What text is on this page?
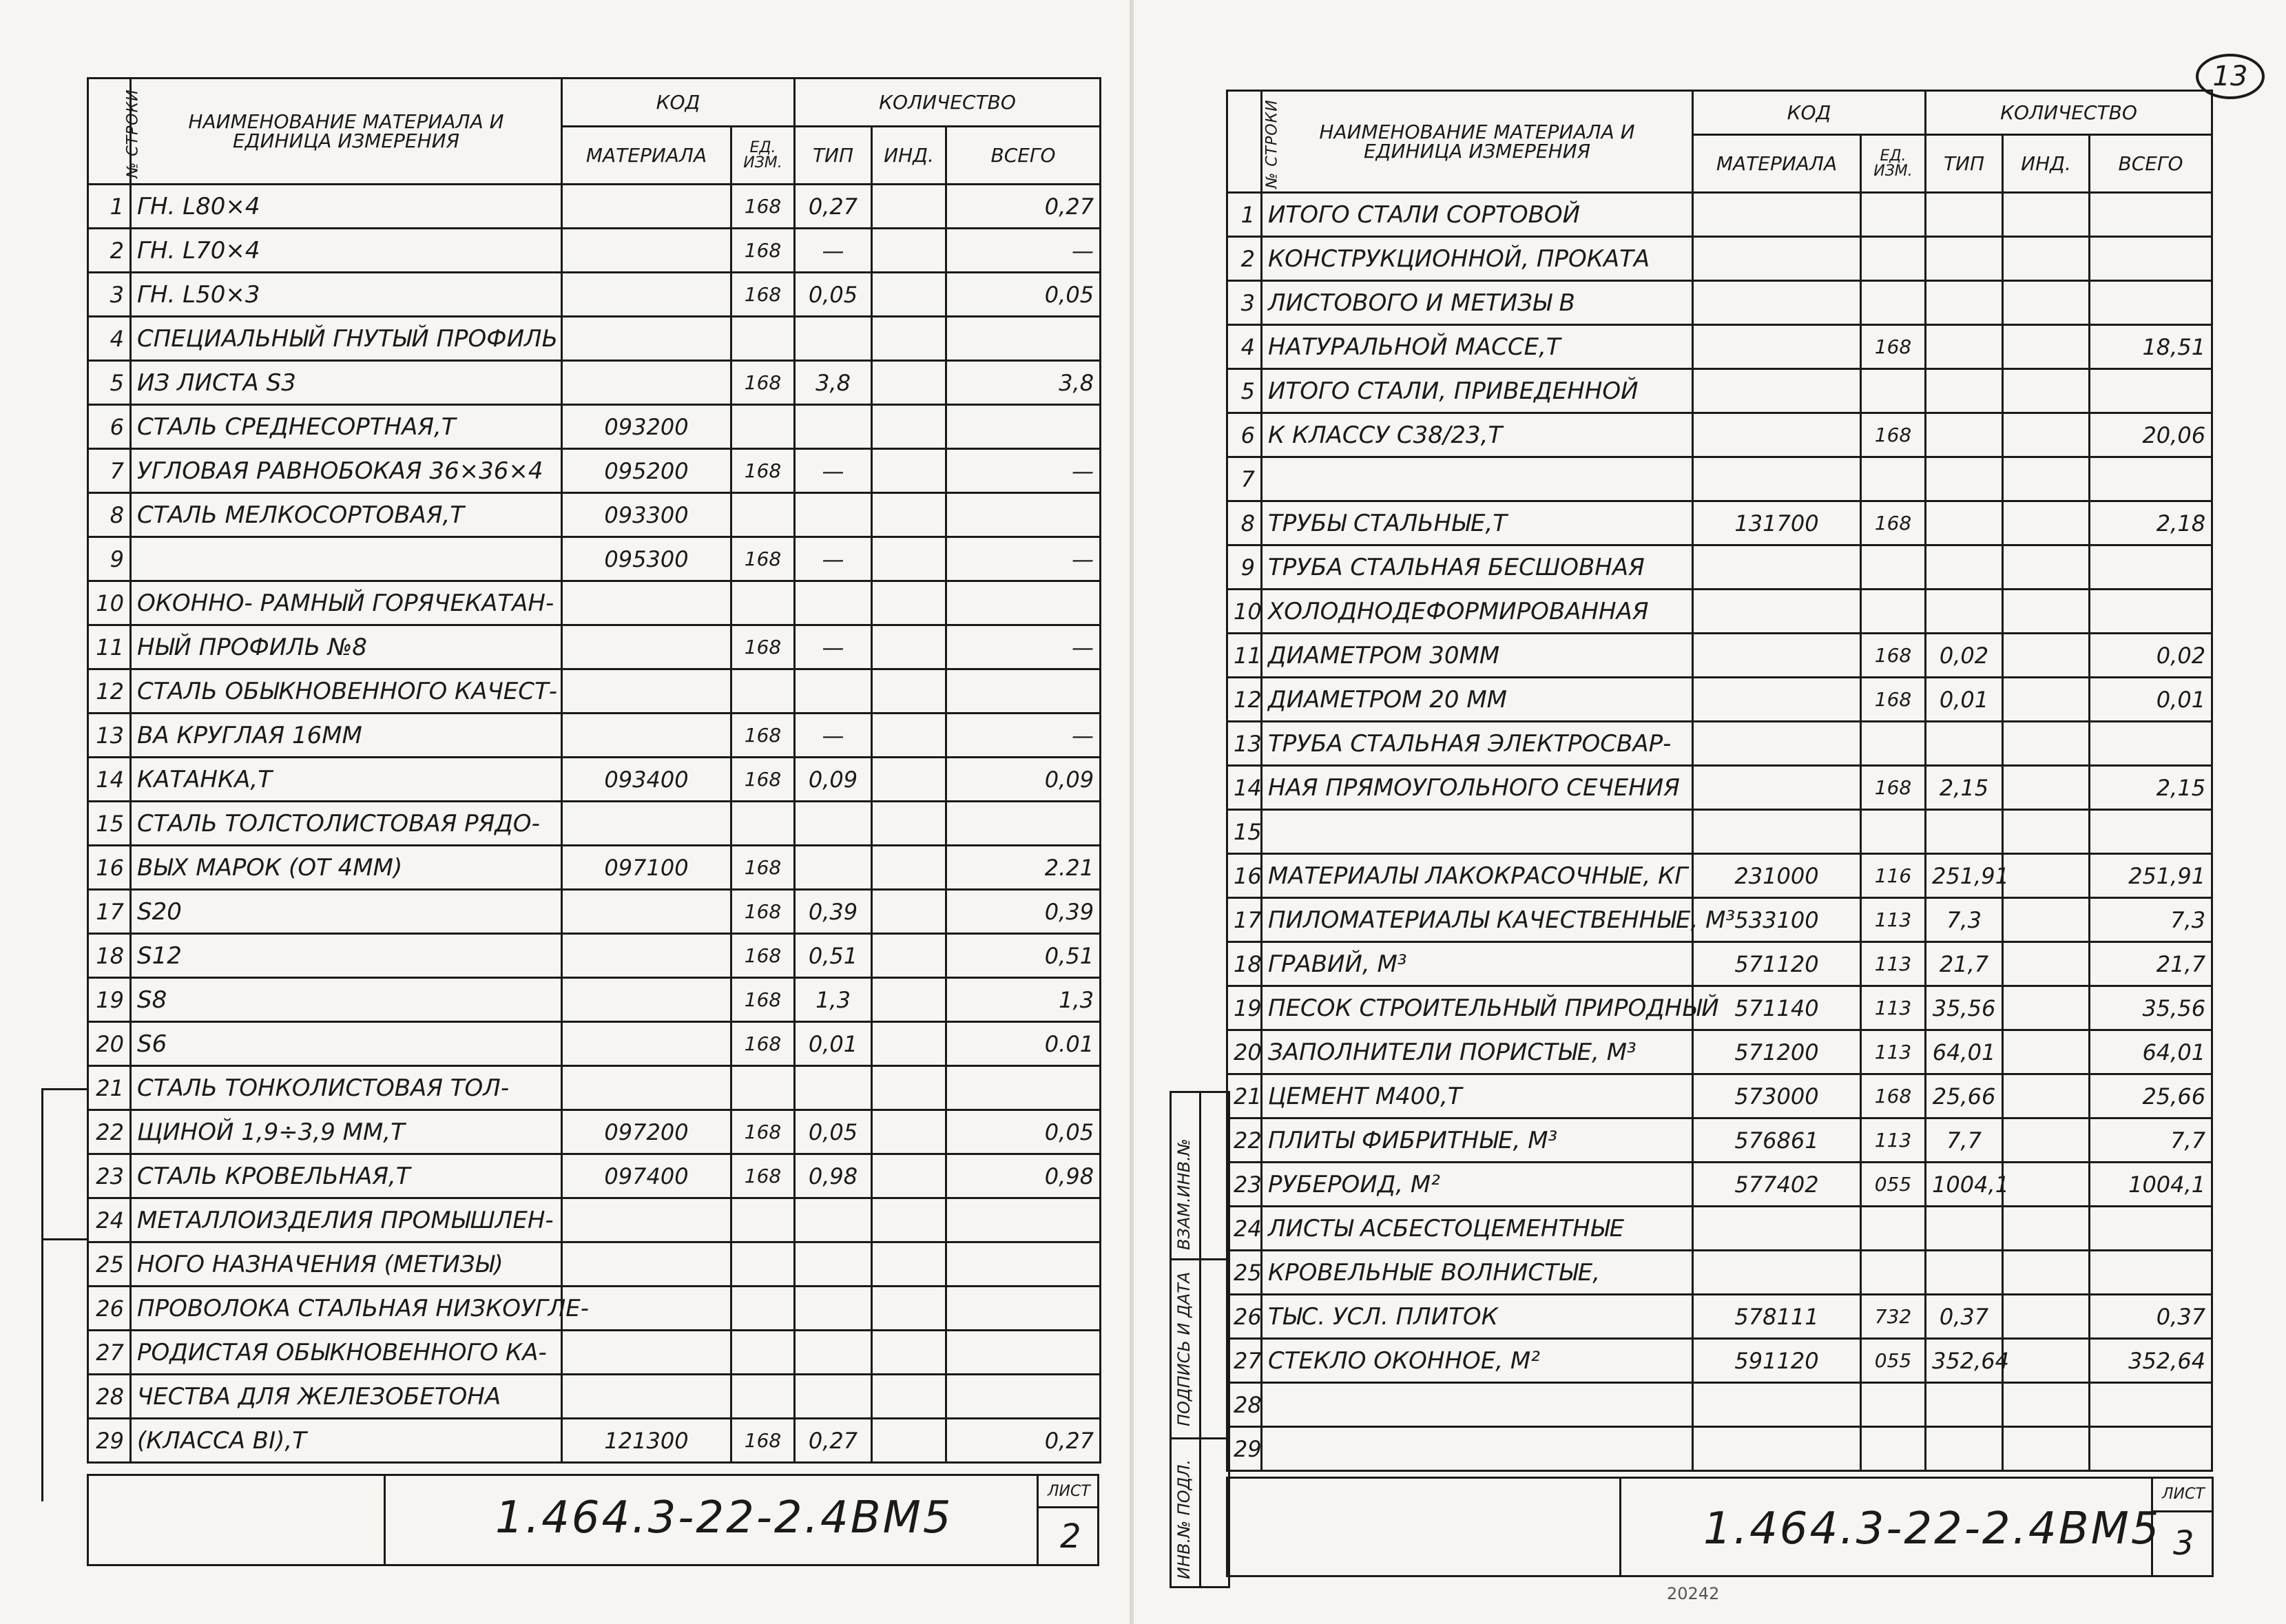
№ СТРОКИ	НАИМЕНОВАНИЕ МАТЕРИАЛА И ЕДИНИЦА ИЗМЕРЕНИЯ	КОД		КОЛИЧЕСТВО		
		МАТЕРИАЛА	ЕД. ИЗМ.	ТИП	ИНД.	ВСЕГО
1	ГН. L80×4		168	0,27		0,27
2	ГН. L70×4		168	—		—
3	ГН. L50×3		168	0,05		0,05
4	СПЕЦИАЛЬНЫЙ ГНУТЫЙ ПРОФИЛЬ					
5	ИЗ ЛИСТА S3		168	3,8		3,8
6	СТАЛЬ СРЕДНЕСОРТНАЯ,Т	093200				
7	УГЛОВАЯ РАВНОБОКАЯ 36×36×4	095200	168	—		—
8	СТАЛЬ МЕЛКОСОРТОВАЯ,Т	093300				
9		095300	168	—		—
10	ОКОННО- РАМНЫЙ ГОРЯЧЕКАТАН-					
11	НЫЙ ПРОФИЛЬ №8		168	—		—
12	СТАЛЬ ОБЫКНОВЕННОГО КАЧЕСТ-					
13	ВА КРУГЛАЯ 16ММ		168	—		—
14	КАТАНКА,Т	093400	168	0,09		0,09
15	СТАЛЬ ТОЛСТОЛИСТОВАЯ РЯДО-					
16	ВЫХ МАРОК (ОТ 4ММ)	097100	168			2.21
17	S20		168	0,39		0,39
18	S12		168	0,51		0,51
19	S8		168	1,3		1,3
20	S6		168	0,01		0.01
21	СТАЛЬ ТОНКОЛИСТОВАЯ ТОЛ-					
22	ЩИНОЙ 1,9÷3,9 ММ,Т	097200	168	0,05		0,05
23	СТАЛЬ КРОВЕЛЬНАЯ,Т	097400	168	0,98		0,98
24	МЕТАЛЛОИЗДЕЛИЯ ПРОМЫШЛЕН-					
25	НОГО НАЗНАЧЕНИЯ (МЕТИЗЫ)					
26	ПРОВОЛОКА СТАЛЬНАЯ НИЗКОУГЛЕ-					
27	РОДИСТАЯ ОБЫКНОВЕННОГО КА-					
28	ЧЕСТВА ДЛЯ ЖЕЛЕЗОБЕТОНА					
29	(КЛАССА ВI),Т	121300	168	0,27		0,27
1.464.3-22-2.4ВМ5
ЛИСТ
2
13
№ СТРОКИ	НАИМЕНОВАНИЕ МАТЕРИАЛА И ЕДИНИЦА ИЗМЕРЕНИЯ	КОД		КОЛИЧЕСТВО		
		МАТЕРИАЛА	ЕД. ИЗМ.	ТИП	ИНД.	ВСЕГО
1	ИТОГО СТАЛИ СОРТОВОЙ					
2	КОНСТРУКЦИОННОЙ, ПРОКАТА					
3	ЛИСТОВОГО И МЕТИЗЫ В					
4	НАТУРАЛЬНОЙ МАССЕ,Т		168			18,51
5	ИТОГО СТАЛИ, ПРИВЕДЕННОЙ					
6	К КЛАССУ С38/23,Т		168			20,06
7						
8	ТРУБЫ СТАЛЬНЫЕ,Т	131700	168			2,18
9	ТРУБА СТАЛЬНАЯ БЕСШОВНАЯ					
10	ХОЛОДНОДЕФОРМИРОВАННАЯ					
11	ДИАМЕТРОМ 30ММ		168	0,02		0,02
12	ДИАМЕТРОМ 20 ММ		168	0,01		0,01
13	ТРУБА СТАЛЬНАЯ ЭЛЕКТРОСВАР-					
14	НАЯ ПРЯМОУГОЛЬНОГО СЕЧЕНИЯ		168	2,15		2,15
15						
16	МАТЕРИАЛЫ ЛАКОКРАСОЧНЫЕ, КГ	231000	116	251,91		251,91
17	ПИЛОМАТЕРИАЛЫ КАЧЕСТВЕННЫЕ, М³	533100	113	7,3		7,3
18	ГРАВИЙ, М³	571120	113	21,7		21,7
19	ПЕСОК СТРОИТЕЛЬНЫЙ ПРИРОДНЫЙ	571140	113	35,56		35,56
20	ЗАПОЛНИТЕЛИ ПОРИСТЫЕ, М³	571200	113	64,01		64,01
21	ЦЕМЕНТ М400,Т	573000	168	25,66		25,66
22	ПЛИТЫ ФИБРИТНЫЕ, М³	576861	113	7,7		7,7
23	РУБЕРОИД, М²	577402	055	1004,1		1004,1
24	ЛИСТЫ АСБЕСТОЦЕМЕНТНЫЕ					
25	КРОВЕЛЬНЫЕ ВОЛНИСТЫЕ,					
26	ТЫС. УСЛ. ПЛИТОК	578111	732	0,37		0,37
27	СТЕКЛО ОКОННОЕ, М²	591120	055	352,64		352,64
28						
29						
ВЗАМ.ИНВ.№
ПОДПИСЬ И ДАТА
ИНВ.№ ПОДЛ.	1.464.3-22-2.4ВМ5
ЛИСТ
3
20242
